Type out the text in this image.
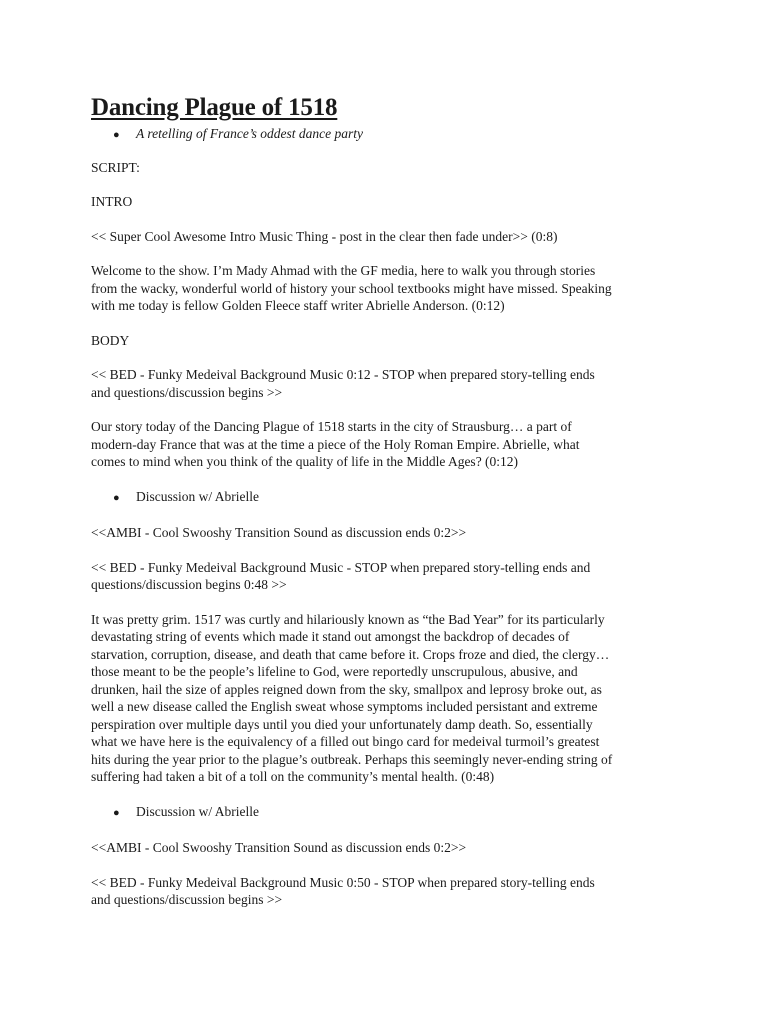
Dancing Plague of 1518
●	A retelling of France’s oddest dance party

SCRIPT:

INTRO

<< Super Cool Awesome Intro Music Thing - post in the clear then fade under>> (0:8)

Welcome to the show. I’m Mady Ahmad with the GF media, here to walk you through stories
from the wacky, wonderful world of history your school textbooks might have missed. Speaking
with me today is fellow Golden Fleece staff writer Abrielle Anderson. (0:12)

BODY

<< BED - Funky Medeival Background Music 0:12 - STOP when prepared story-telling ends
and questions/discussion begins >>

Our story today of the Dancing Plague of 1518 starts in the city of Strausburg… a part of
modern-day France that was at the time a piece of the Holy Roman Empire. Abrielle, what
comes to mind when you think of the quality of life in the Middle Ages? (0:12)

●	Discussion w/ Abrielle

<<AMBI - Cool Swooshy Transition Sound as discussion ends 0:2>>

<< BED - Funky Medeival Background Music - STOP when prepared story-telling ends and
questions/discussion begins 0:48 >>

It was pretty grim. 1517 was curtly and hilariously known as “the Bad Year” for its particularly
devastating string of events which made it stand out amongst the backdrop of decades of
starvation, corruption, disease, and death that came before it. Crops froze and died, the clergy…
those meant to be the people’s lifeline to God, were reportedly unscrupulous, abusive, and
drunken, hail the size of apples reigned down from the sky, smallpox and leprosy broke out, as
well a new disease called the English sweat whose symptoms included persistant and extreme
perspiration over multiple days until you died your unfortunately damp death. So, essentially
what we have here is the equivalency of a filled out bingo card for medeival turmoil’s greatest
hits during the year prior to the plague’s outbreak. Perhaps this seemingly never-ending string of
suffering had taken a bit of a toll on the community’s mental health. (0:48)

●	Discussion w/ Abrielle

<<AMBI - Cool Swooshy Transition Sound as discussion ends 0:2>>

<< BED - Funky Medeival Background Music 0:50 - STOP when prepared story-telling ends
and questions/discussion begins >>
